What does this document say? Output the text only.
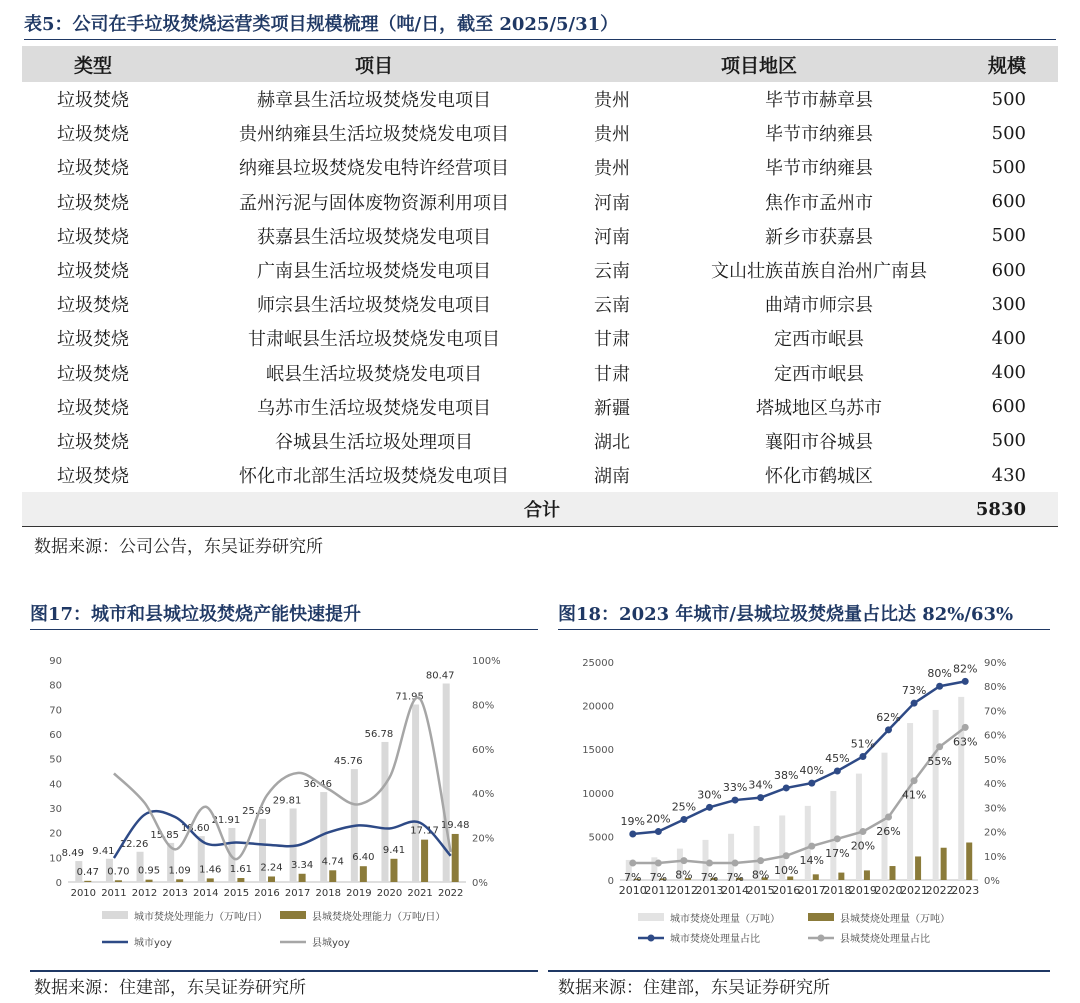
表5：公司在手垃圾焚烧运营类项目规模梳理（吨/日，截至 2025/5/31）
类型	项目	项目地区		规模
垃圾焚烧	赫章县生活垃圾焚烧发电项目	贵州	毕节市赫章县	500
垃圾焚烧	贵州纳雍县生活垃圾焚烧发电项目	贵州	毕节市纳雍县	500
垃圾焚烧	纳雍县垃圾焚烧发电特许经营项目	贵州	毕节市纳雍县	500
垃圾焚烧	孟州污泥与固体废物资源利用项目	河南	焦作市孟州市	600
垃圾焚烧	获嘉县生活垃圾焚烧发电项目	河南	新乡市获嘉县	500
垃圾焚烧	广南县生活垃圾焚烧发电项目	云南	文山壮族苗族自治州广南县	600
垃圾焚烧	师宗县生活垃圾焚烧发电项目	云南	曲靖市师宗县	300
垃圾焚烧	甘肃岷县生活垃圾焚烧发电项目	甘肃	定西市岷县	400
垃圾焚烧	岷县生活垃圾焚烧发电项目	甘肃	定西市岷县	400
垃圾焚烧	乌苏市生活垃圾焚烧发电项目	新疆	塔城地区乌苏市	600
垃圾焚烧	谷城县生活垃圾处理项目	湖北	襄阳市谷城县	500
垃圾焚烧	怀化市北部生活垃圾焚烧发电项目	湖南	怀化市鹤城区	430
	合计			5830
数据来源：公司公告，东吴证券研究所
图17：城市和县城垃圾焚烧产能快速提升
0
10
20
30
40
50
60
70
80
90
0%
20%
40%
60%
80%
100%
2010 2011 2012 2013 2014 2015 2016 2017 2018 2019 2020 2021 2022
8.49 9.41
12.26
15.85
18.60
21.91
25.59
29.81
36.46
45.76
56.78
71.95
80.47
0.47 0.70 0.95 1.09 1.46 1.61 2.24 3.34 4.74 6.40
9.41
17.17
19.48
城市焚烧处理能力（万吨/日）	县城焚烧处理能力（万吨/日）
城市yoy	县城yoy
数据来源：住建部，东吴证券研究所
图18：2023 年城市/县城垃圾焚烧量占比达 82%/63%
0
5000
10000
15000
20000
25000
0%
10%
20%
30%
40%
50%
60%
70%
80%
90%
2010
2011
2012
2013
2014
2015
2016
2017
2018
2019
2020
2021
2022
2023
19% 20%
25%
30%
33% 34%
38% 40%
45%
51%
62%
73%
80% 82%
7% 7% 8% 7% 7% 8% 10%
14%
17%
20%
26%
41%
55%
63%
城市焚烧处理量（万吨）	县城焚烧处理量（万吨）
城市焚烧处理量占比	县城焚烧处理量占比
数据来源：住建部，东吴证券研究所
